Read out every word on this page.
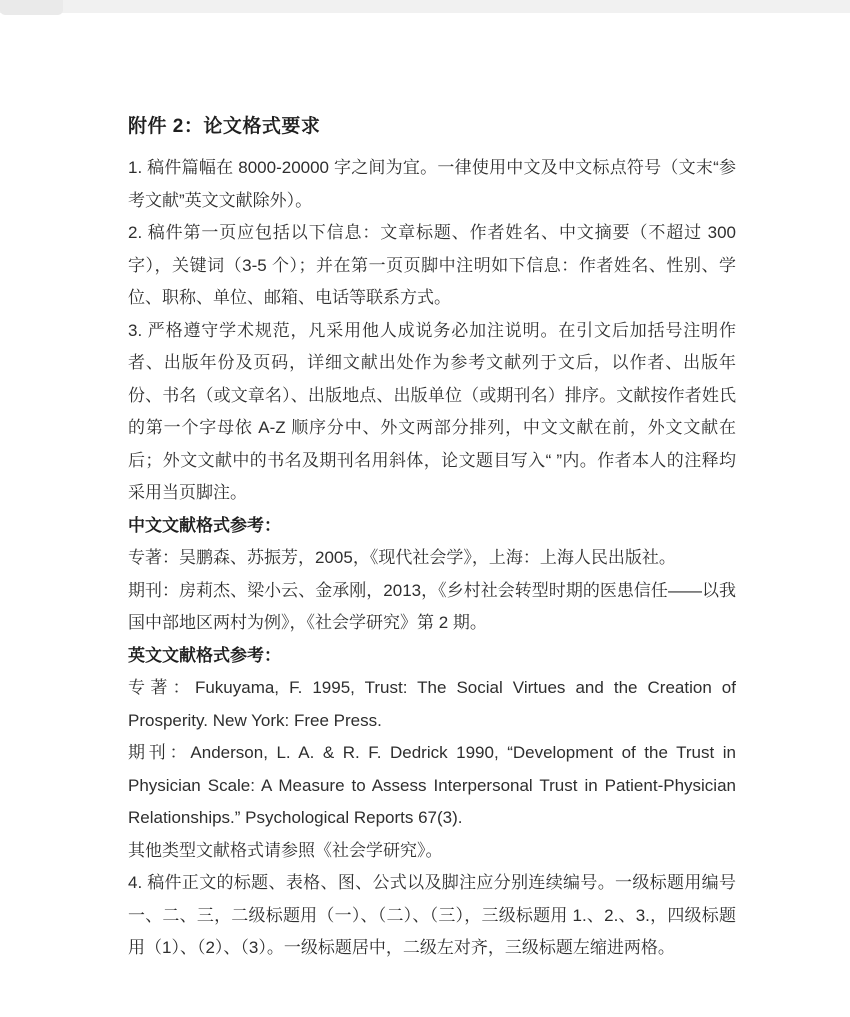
附件 2：论文格式要求

1. 稿件篇幅在 8000-20000 字之间为宜。一律使用中文及中文标点符号（文末“参考文献”英文文献除外）。

2. 稿件第一页应包括以下信息：文章标题、作者姓名、中文摘要（不超过 300 字），关键词（3-5 个）；并在第一页页脚中注明如下信息：作者姓名、性别、学位、职称、单位、邮箱、电话等联系方式。

3. 严格遵守学术规范，凡采用他人成说务必加注说明。在引文后加括号注明作者、出版年份及页码，详细文献出处作为参考文献列于文后，以作者、出版年份、书名（或文章名）、出版地点、出版单位（或期刊名）排序。文献按作者姓氏的第一个字母依 A-Z 顺序分中、外文两部分排列，中文文献在前，外文文献在后；外文文献中的书名及期刊名用斜体，论文题目写入“ ”内。作者本人的注释均采用当页脚注。

中文文献格式参考：

专著：吴鹏森、苏振芳，2005，《现代社会学》，上海：上海人民出版社。

期刊：房莉杰、梁小云、金承刚，2013，《乡村社会转型时期的医患信任——以我国中部地区两村为例》，《社会学研究》第 2 期。

英文文献格式参考：

专著：Fukuyama, F. 1995, Trust: The Social Virtues and the Creation of Prosperity. New York: Free Press.

期刊：Anderson, L. A. & R. F. Dedrick 1990, “Development of the Trust in Physician Scale: A Measure to Assess Interpersonal Trust in Patient-Physician Relationships.” Psychological Reports 67(3).

其他类型文献格式请参照《社会学研究》。

4. 稿件正文的标题、表格、图、公式以及脚注应分别连续编号。一级标题用编号一、二、三，二级标题用（一）、（二）、（三），三级标题用 1.、2.、3.，四级标题用（1）、（2）、（3）。一级标题居中，二级左对齐，三级标题左缩进两格。
